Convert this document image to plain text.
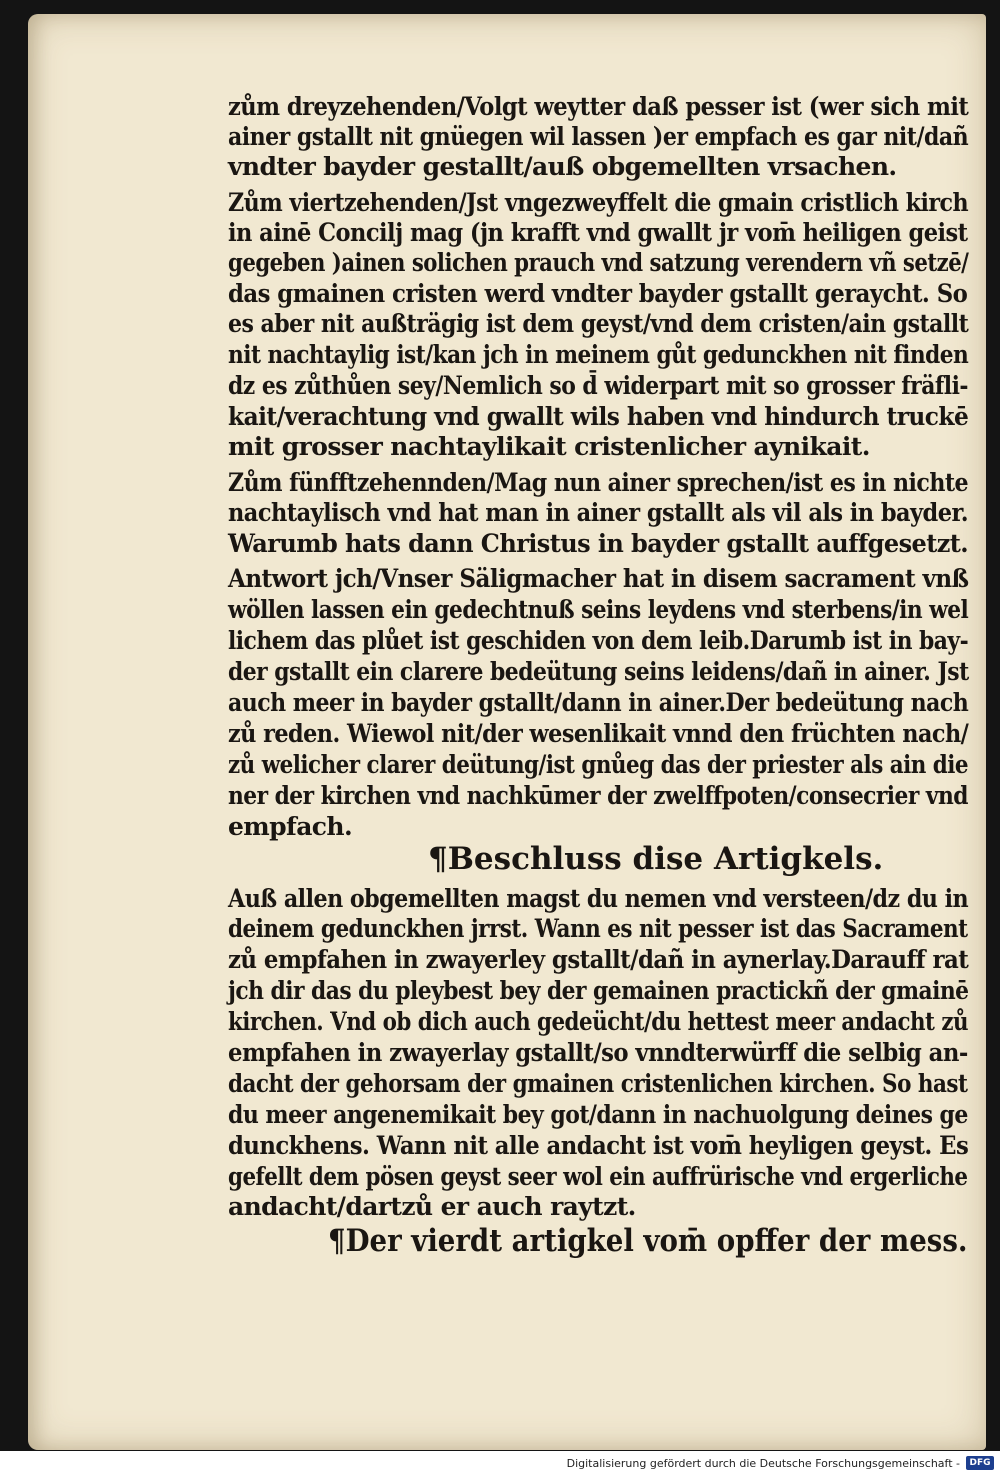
zům dreyzehenden/Volgt weytter daß pesser ist (wer sich mit
ainer gstallt nit gnüegen wil lassen )er empfach es gar nit/dañ
vndter bayder gestallt/auß obgemellten vrsachen.
Zům viertzehenden/Jst vngezweyffelt die gmain cristlich kirch
in ainē Concilj mag (jn krafft vnd gwallt jr vom̄ heiligen geist
gegeben )ainen solichen prauch vnd satzung verendern vñ setzē/
das gmainen cristen werd vndter bayder gstallt geraycht. So
es aber nit außträgig ist dem geyst/vnd dem cristen/ain gstallt
nit nachtaylig ist/kan jch in meinem gůt gedunckhen nit finden
dz es zůthůen sey/Nemlich so d̄ widerpart mit so grosser fräfli-
kait/verachtung vnd gwallt wils haben vnd hindurch truckē
mit grosser nachtaylikait cristenlicher aynikait.
Zům fünfftzehennden/Mag nun ainer sprechen/ist es in nichte
nachtaylisch vnd hat man in ainer gstallt als vil als in bayder.
Warumb hats dann Christus in bayder gstallt auffgesetzt.
Antwort jch/Vnser Säligmacher hat in disem sacrament vnß
wöllen lassen ein gedechtnuß seins leydens vnd sterbens/in wel
lichem das plůet ist geschiden von dem leib.Darumb ist in bay-
der gstallt ein clarere bedeütung seins leidens/dañ in ainer. Jst
auch meer in bayder gstallt/dann in ainer.Der bedeütung nach
zů reden. Wiewol nit/der wesenlikait vnnd den früchten nach/
zů welicher clarer deütung/ist gnůeg das der priester als ain die
ner der kirchen vnd nachkūmer der zwelffpoten/consecrier vnd
empfach.
¶Beschluss dise Artigkels.
Auß allen obgemellten magst du nemen vnd versteen/dz du in
deinem gedunckhen jrrst. Wann es nit pesser ist das Sacrament
zů empfahen in zwayerley gstallt/dañ in aynerlay.Darauff rat
jch dir das du pleybest bey der gemainen practickñ der gmainē
kirchen. Vnd ob dich auch gedeücht/du hettest meer andacht zů
empfahen in zwayerlay gstallt/so vnndterwürff die selbig an-
dacht der gehorsam der gmainen cristenlichen kirchen. So hast
du meer angenemikait bey got/dann in nachuolgung deines ge
dunckhens. Wann nit alle andacht ist vom̄ heyligen geyst. Es
gefellt dem pösen geyst seer wol ein auffrürische vnd ergerliche
andacht/dartzů er auch raytzt.
¶Der vierdt artigkel vom̄ opffer der mess.
Digitalisierung gefördert durch die Deutsche Forschungsgemeinschaft -	DFG
